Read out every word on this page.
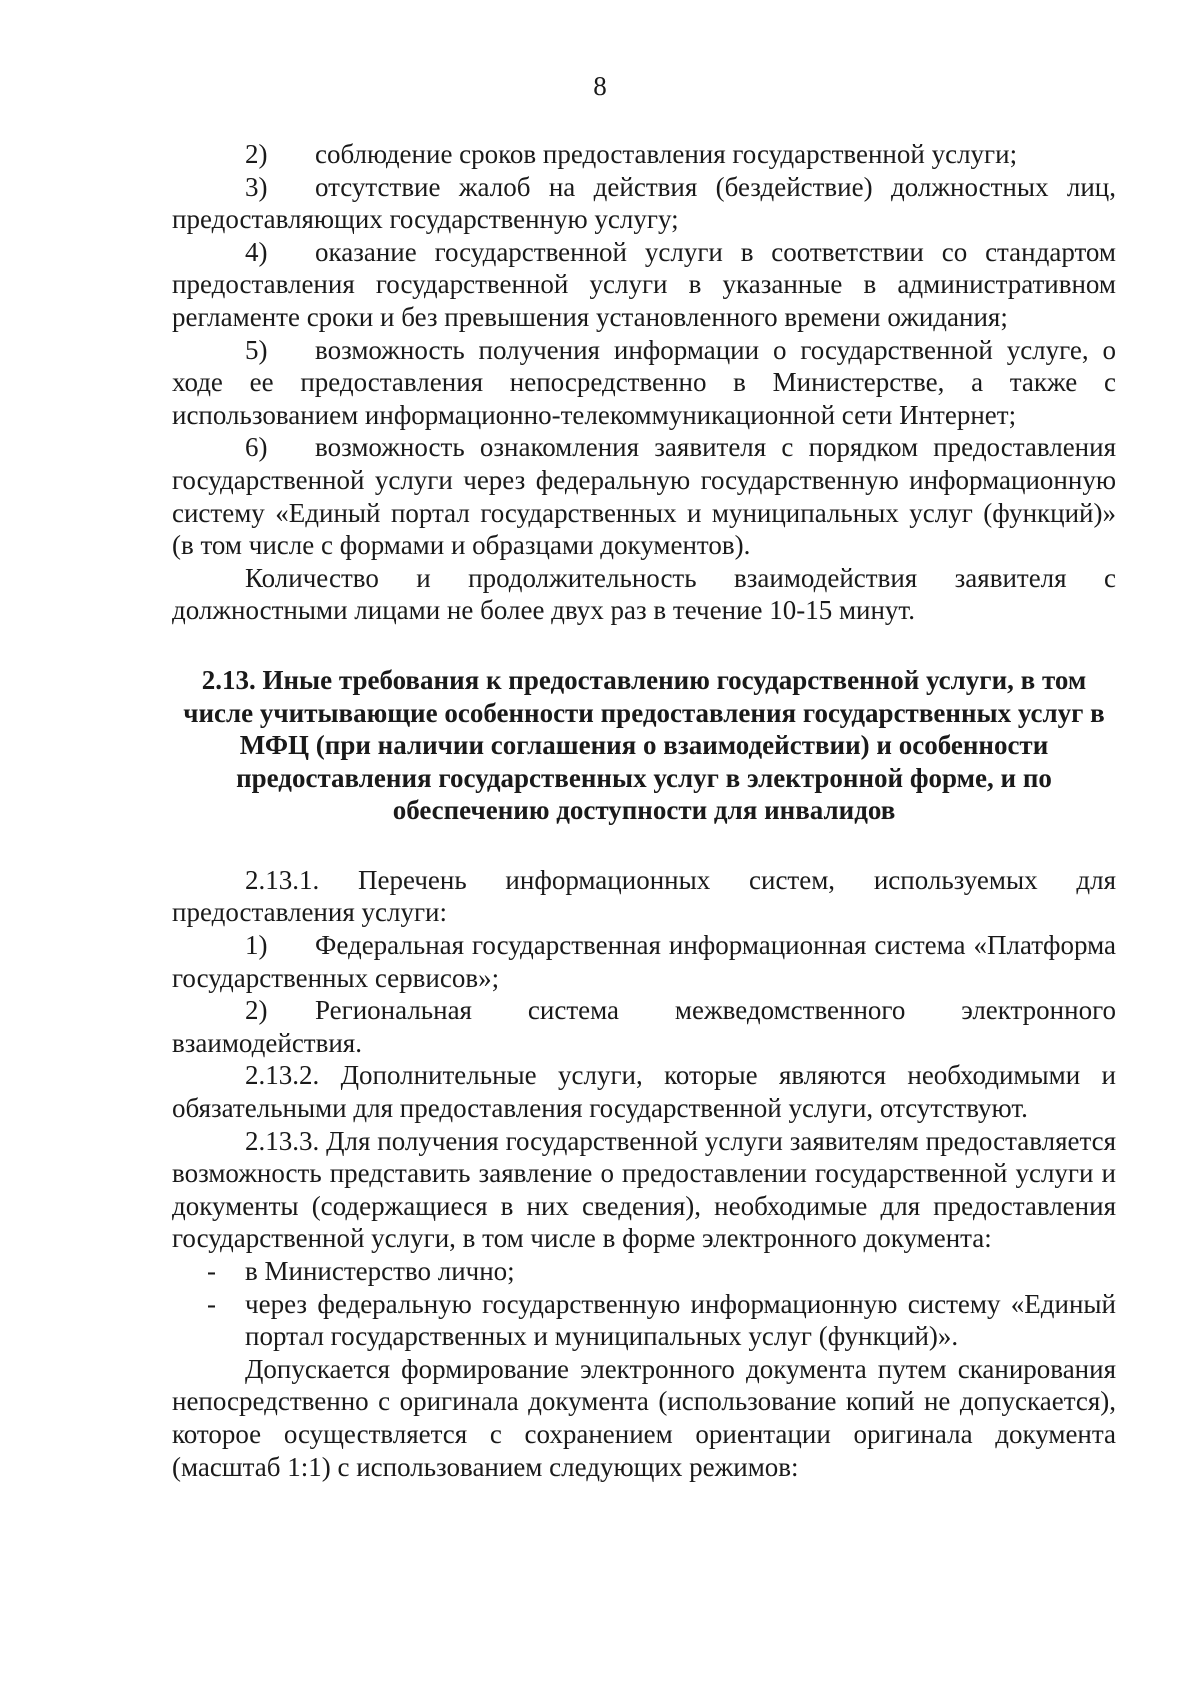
8

2) соблюдение сроков предоставления государственной услуги;

3) отсутствие жалоб на действия (бездействие) должностных лиц, предоставляющих государственную услугу;

4) оказание государственной услуги в соответствии со стандартом предоставления государственной услуги в указанные в административном регламенте сроки и без превышения установленного времени ожидания;

5) возможность получения информации о государственной услуге, о ходе ее предоставления непосредственно в Министерстве, а также с использованием информационно-телекоммуникационной сети Интернет;

6) возможность ознакомления заявителя с порядком предоставления государственной услуги через федеральную государственную информационную систему «Единый портал государственных и муниципальных услуг (функций)» (в том числе с формами и образцами документов).

Количество и продолжительность взаимодействия заявителя с должностными лицами не более двух раз в течение 10-15 минут.

2.13. Иные требования к предоставлению государственной услуги, в том числе учитывающие особенности предоставления государственных услуг в МФЦ (при наличии соглашения о взаимодействии) и особенности предоставления государственных услуг в электронной форме, и по обеспечению доступности для инвалидов

2.13.1. Перечень информационных систем, используемых для предоставления услуги:

1) Федеральная государственная информационная система «Платформа государственных сервисов»;

2) Региональная система межведомственного электронного взаимодействия.

2.13.2. Дополнительные услуги, которые являются необходимыми и обязательными для предоставления государственной услуги, отсутствуют.

2.13.3. Для получения государственной услуги заявителям предоставляется возможность представить заявление о предоставлении государственной услуги и документы (содержащиеся в них сведения), необходимые для предоставления государственной услуги, в том числе в форме электронного документа:

- в Министерство лично;

- через федеральную государственную информационную систему «Единый портал государственных и муниципальных услуг (функций)».

Допускается формирование электронного документа путем сканирования непосредственно с оригинала документа (использование копий не допускается), которое осуществляется с сохранением ориентации оригинала документа (масштаб 1:1) с использованием следующих режимов:
